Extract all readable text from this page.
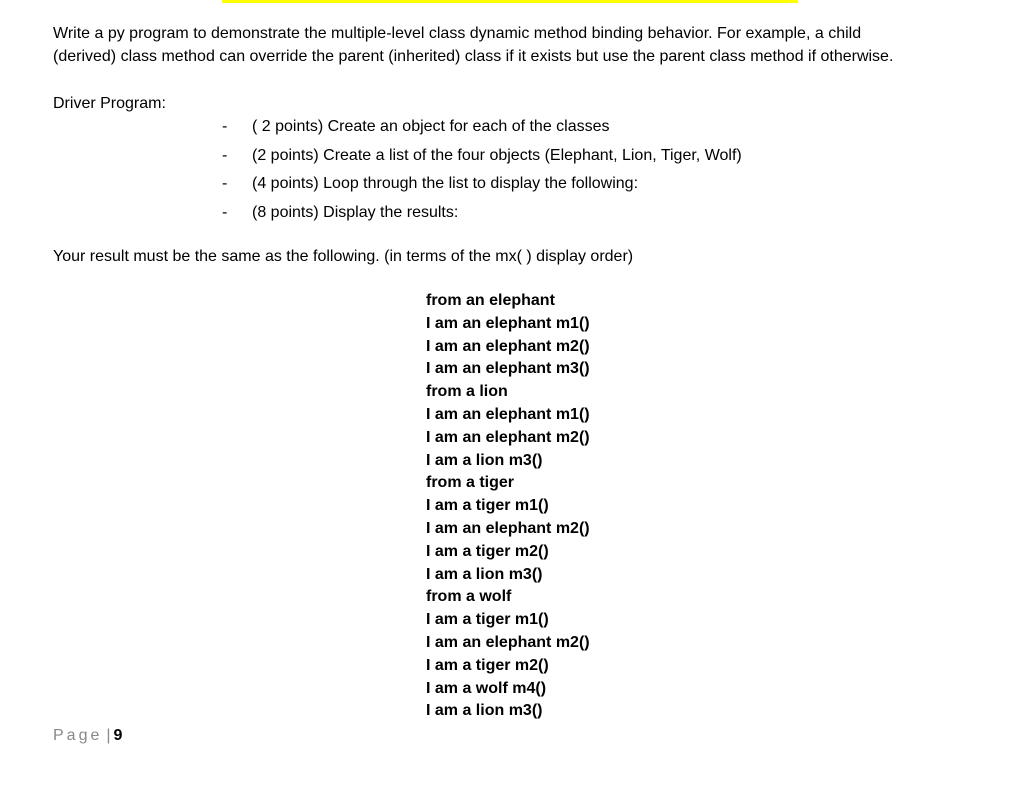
Write a py program to demonstrate the multiple-level class dynamic method binding behavior. For example, a child

(derived) class method can override the parent (inherited) class if it exists but use the parent class method if otherwise.

Driver Program:
- ( 2 points) Create an object for each of the classes
- (2 points) Create a list of the four objects (Elephant, Lion, Tiger, Wolf)
- (4 points) Loop through the list to display the following:
- (8 points) Display the results:
Your result must be the same as the following. (in terms of the mx( ) display order)
from an elephant
I am an elephant m1()
I am an elephant m2()
I am an elephant m3()
from a lion
I am an elephant m1()
I am an elephant m2()
I am a lion m3()
from a tiger
I am a tiger m1()
I am an elephant m2()
I am a tiger m2()
I am a lion m3()
from a wolf
I am a tiger m1()
I am an elephant m2()
I am a tiger m2()
I am a wolf m4()
I am a lion m3()
Page | 9
